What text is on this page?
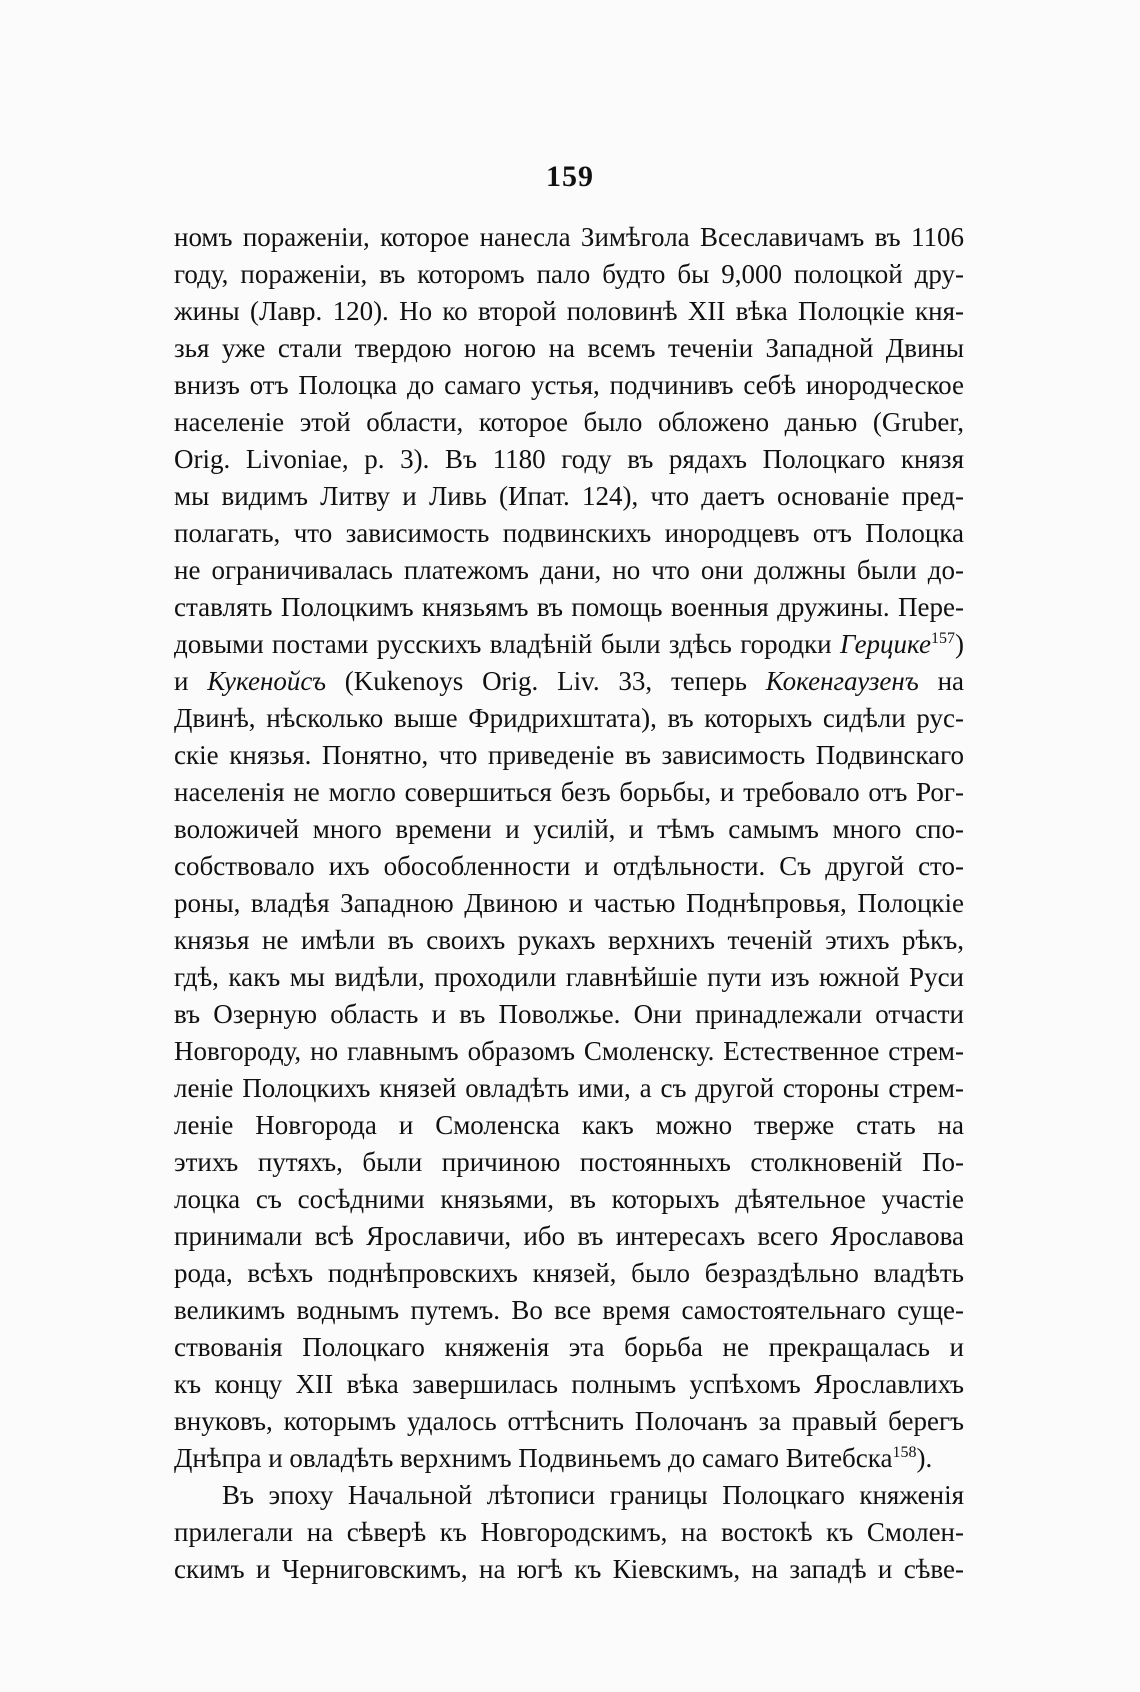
159
номъ пораженіи, которое нанесла Зимѣгола Всеславичамъ въ 1106
году, пораженіи, въ которомъ пало будто бы 9,000 полоцкой дру-
жины (Лавр. 120). Но ко второй половинѣ XII вѣка Полоцкіе кня-
зья уже стали твердою ногою на всемъ теченіи Западной Двины
внизъ отъ Полоцка до самаго устья, подчинивъ себѣ инородческое
населеніе этой области, которое было обложено данью (Gruber,
Orig. Livoniae, p. 3). Въ 1180 году въ рядахъ Полоцкаго князя
мы видимъ Литву и Ливь (Ипат. 124), что даетъ основаніе пред-
полагать, что зависимость подвинскихъ инородцевъ отъ Полоцка
не ограничивалась платежомъ дани, но что они должны были до-
ставлять Полоцкимъ князьямъ въ помощь военныя дружины. Пере-
довыми постами русскихъ владѣній были здѣсь городки Герцике$^{157}$)
и Кукенойсъ (Kukenoys Orig. Liv. 33, теперь Кокенгаузенъ на
Двинѣ, нѣсколько выше Фридрихштата), въ которыхъ сидѣли рус-
скіе князья. Понятно, что приведеніе въ зависимость Подвинскаго
населенія не могло совершиться безъ борьбы, и требовало отъ Рог-
воложичей много времени и усилій, и тѣмъ самымъ много спо-
собствовало ихъ обособленности и отдѣльности. Съ другой сто-
роны, владѣя Западною Двиною и частью Поднѣпровья, Полоцкіе
князья не имѣли въ своихъ рукахъ верхнихъ теченій этихъ рѣкъ,
гдѣ, какъ мы видѣли, проходили главнѣйшіе пути изъ южной Руси
въ Озерную область и въ Поволжье. Они принадлежали отчасти
Новгороду, но главнымъ образомъ Смоленску. Естественное стрем-
леніе Полоцкихъ князей овладѣть ими, а съ другой стороны стрем-
леніе Новгорода и Смоленска какъ можно тверже стать на
этихъ путяхъ, были причиною постоянныхъ столкновеній По-
лоцка съ сосѣдними князьями, въ которыхъ дѣятельное участіе
принимали всѣ Ярославичи, ибо въ интересахъ всего Ярославова
рода, всѣхъ поднѣпровскихъ князей, было безраздѣльно владѣть
великимъ воднымъ путемъ. Во все время самостоятельнаго суще-
ствованія Полоцкаго княженія эта борьба не прекращалась и
къ концу XII вѣка завершилась полнымъ успѣхомъ Ярославлихъ
внуковъ, которымъ удалось оттѣснить Полочанъ за правый берегъ
Днѣпра и овладѣть верхнимъ Подвиньемъ до самаго Витебска$^{158}$).
Въ эпоху Начальной лѣтописи границы Полоцкаго княженія
прилегали на сѣверѣ къ Новгородскимъ, на востокѣ къ Смолен-
скимъ и Черниговскимъ, на югѣ къ Кіевскимъ, на западѣ и сѣве-
